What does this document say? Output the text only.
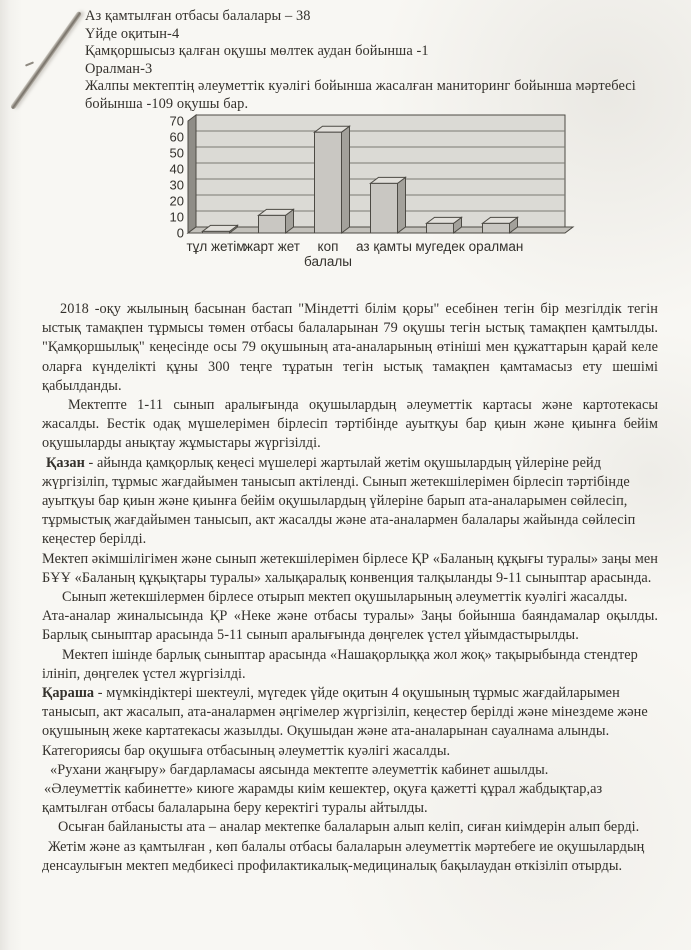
Аз қамтылған отбасы балалары – 38
Үйде оқитын-4
Қамқоршысыз қалған оқушы мөлтек аудан бойынша -1
Оралман-3
Жалпы мектептің әлеуметтік куәлігі бойынша жасалған маниторинг бойынша мәртебесі бойынша -109 оқушы бар.
0
10
20
30
40
50
60
70
тұл жетім
жарт жет коп
балалы
аз қамты мугедек оралман

2018 -оқу жылының басынан бастап "Міндетті білім қоры" есебінен тегін бір мезгілдік тегін ыстық тамақпен тұрмысы төмен отбасы балаларынан 79 оқушы тегін ыстық тамақпен қамтылды. "Қамқоршылық" кеңесінде осы 79 оқушының ата-аналарының өтініші мен құжаттарын қарай келе оларға күнделікті құны 300 теңге тұратын тегін ыстық тамақпен қамтамасыз ету шешімі қабылданды.

Мектепте 1-11 сынып аралығында оқушылардың әлеуметтік картасы және картотекасы жасалды. Бестік одақ мүшелерімен бірлесіп тәртібінде ауытқуы бар қиын және қиынға бейім оқушыларды анықтау жұмыстары жүргізілді.

Қазан - айында қамқорлық кеңесі мүшелері жартылай жетім оқушылардың үйлеріне рейд жүргізіліп, тұрмыс жағдайымен танысып актіленді. Сынып жетекшілерімен бірлесіп тәртібінде ауытқуы бар қиын және қиынға бейім оқушылардың үйлеріне барып ата-аналарымен сөйлесіп, тұрмыстық жағдайымен танысып, акт жасалды және ата-аналармен балалары жайында сөйлесіп кеңестер берілді.

Мектеп әкімшілігімен және сынып жетекшілерімен бірлесе ҚР «Баланың құқығы туралы» заңы мен БҰҰ «Баланың құқықтары туралы» халықаралық конвенция талқыланды 9-11 сыныптар арасында.

Сынып жетекшілермен бірлесе отырып мектеп оқушыларының әлеуметтік куәлігі жасалды.

Ата-аналар жиналысында ҚР «Неке және отбасы туралы» Заңы бойынша баяндамалар оқылды. Барлық сыныптар арасында 5-11 сынып аралығында дөңгелек үстел ұйымдастырылды.

Мектеп ішінде барлық сыныптар арасында «Нашақорлыққа жол жоқ» тақырыбында стендтер ілініп, дөңгелек үстел жүргізілді.

Қараша - мүмкіндіктері шектеулі, мүгедек үйде оқитын 4 оқушының тұрмыс жағдайларымен танысып, акт жасалып, ата-аналармен әңгімелер жүргізіліп, кеңестер берілді және мінездеме және оқушының жеке картатекасы жазылды. Оқушыдан және ата-аналарынан сауалнама алынды.

Категориясы бар оқушыға отбасының әлеуметтік куәлігі жасалды.

«Рухани жаңғыру» бағдарламасы аясында мектепте әлеуметтік кабинет ашылды.

«Әлеуметтік кабинетте» киюге жарамды киім кешектер, оқуға қажетті құрал жабдықтар,аз қамтылған отбасы балаларына беру керектігі туралы айтылды.

Осыған байланысты ата – аналар мектепке балаларын алып келіп, сиған киімдерін алып берді.

Жетім және аз қамтылған , көп балалы отбасы балаларын әлеуметтік мәртебеге ие оқушылардың денсаулығын мектеп медбикесі профилактикалық-медициналық бақылаудан өткізіліп отырды.
